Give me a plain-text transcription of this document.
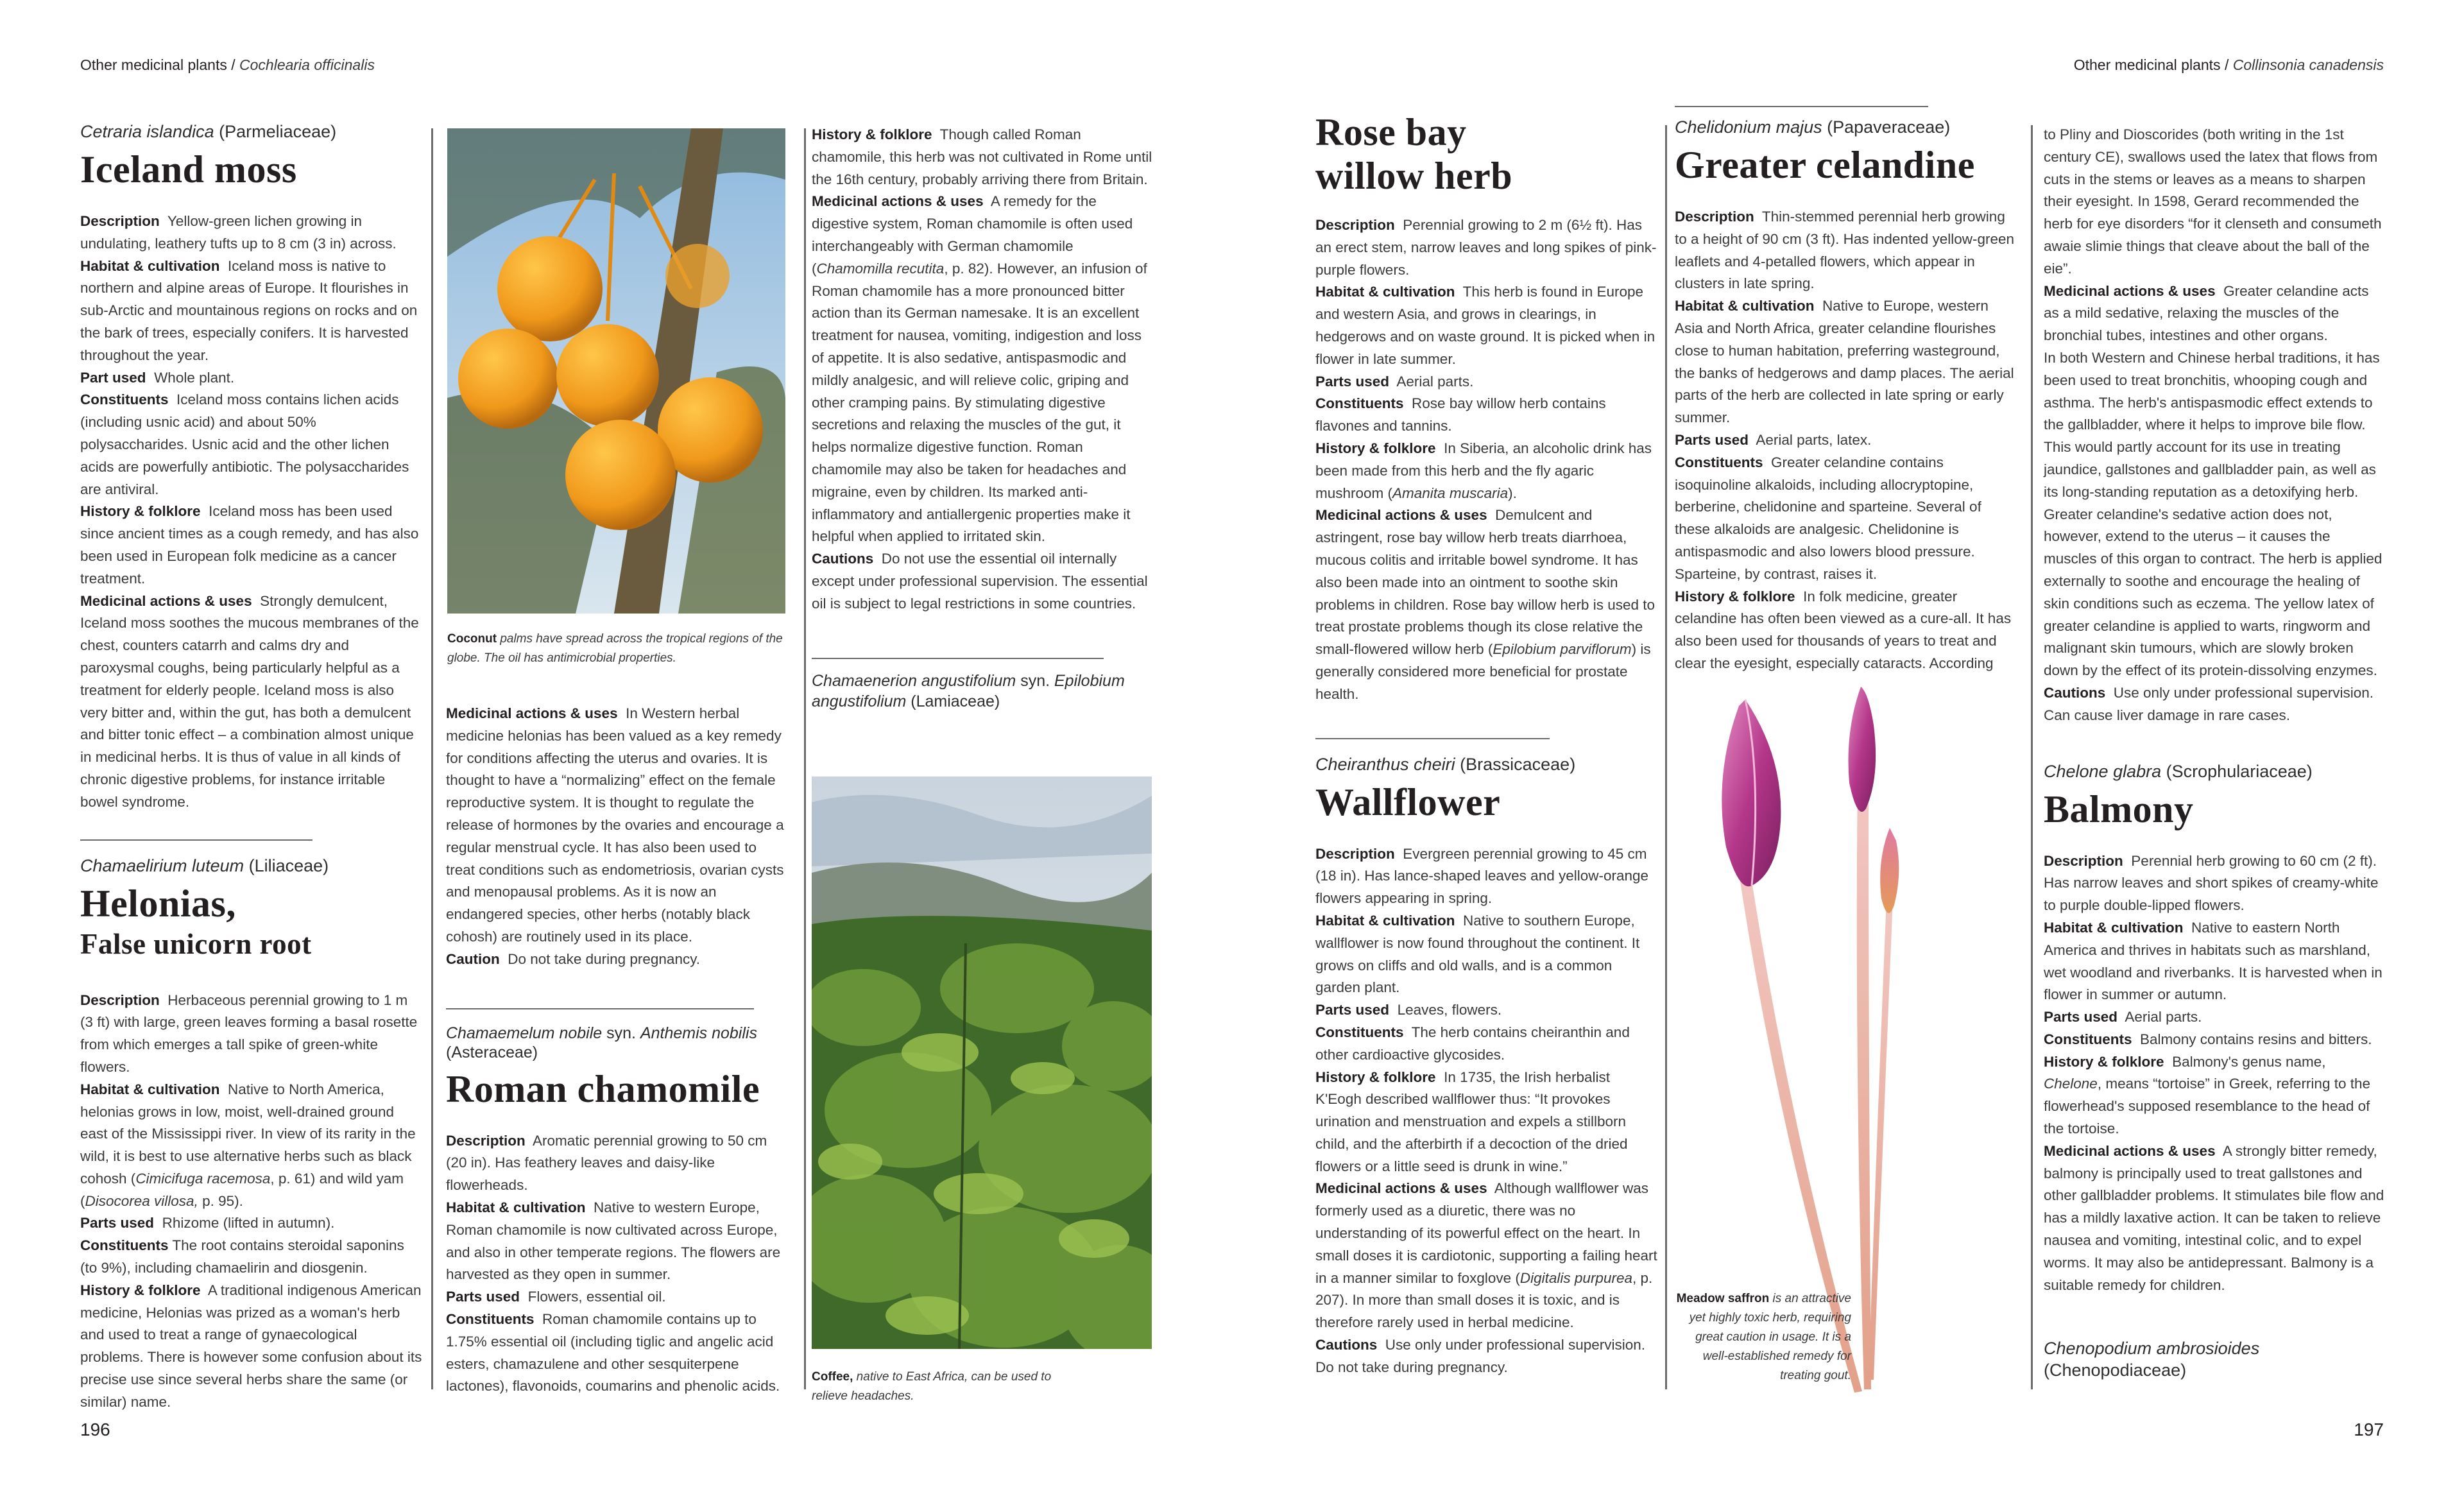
Other medicinal plants / Cochlearia officinalis

Cetraria islandica (Parmeliaceae)

Iceland moss

Description Yellow-green lichen growing in undulating, leathery tufts up to 8 cm (3 in) across.

Habitat & cultivation Iceland moss is native to northern and alpine areas of Europe. It flourishes in sub-Arctic and mountainous regions on rocks and on the bark of trees, especially conifers. It is harvested throughout the year.

Part used Whole plant.

Constituents Iceland moss contains lichen acids (including usnic acid) and about 50% polysaccharides. Usnic acid and the other lichen acids are powerfully antibiotic. The polysaccharides are antiviral.

History & folklore Iceland moss has been used since ancient times as a cough remedy, and has also been used in European folk medicine as a cancer treatment.

Medicinal actions & uses Strongly demulcent, Iceland moss soothes the mucous membranes of the chest, counters catarrh and calms dry and paroxysmal coughs, being particularly helpful as a treatment for elderly people. Iceland moss is also very bitter and, within the gut, has both a demulcent and bitter tonic effect – a combination almost unique in medicinal herbs. It is thus of value in all kinds of chronic digestive problems, for instance irritable bowel syndrome.

Chamaelirium luteum (Liliaceae)

Helonias,
False unicorn root

Description Herbaceous perennial growing to 1 m (3 ft) with large, green leaves forming a basal rosette from which emerges a tall spike of green-white flowers.

Habitat & cultivation Native to North America, helonias grows in low, moist, well-drained ground east of the Mississippi river. In view of its rarity in the wild, it is best to use alternative herbs such as black cohosh (Cimicifuga racemosa, p. 61) and wild yam (Disocorea villosa, p. 95).

Parts used Rhizome (lifted in autumn).

Constituents The root contains steroidal saponins (to 9%), including chamaelirin and diosgenin.

History & folklore A traditional indigenous American medicine, Helonias was prized as a woman's herb and used to treat a range of gynaecological problems. There is however some confusion about its precise use since several herbs share the same (or similar) name.

Coconut palms have spread across the tropical regions of the globe. The oil has antimicrobial properties.

Medicinal actions & uses In Western herbal medicine helonias has been valued as a key remedy for conditions affecting the uterus and ovaries. It is thought to have a “normalizing” effect on the female reproductive system. It is thought to regulate the release of hormones by the ovaries and encourage a regular menstrual cycle. It has also been used to treat conditions such as endometriosis, ovarian cysts and menopausal problems. As it is now an endangered species, other herbs (notably black cohosh) are routinely used in its place.

Caution Do not take during pregnancy.

Chamaemelum nobile syn. Anthemis nobilis
(Asteraceae)

Roman chamomile

Description Aromatic perennial growing to 50 cm (20 in). Has feathery leaves and daisy-like flowerheads.

Habitat & cultivation Native to western Europe, Roman chamomile is now cultivated across Europe, and also in other temperate regions. The flowers are harvested as they open in summer.

Parts used Flowers, essential oil.

Constituents Roman chamomile contains up to 1.75% essential oil (including tiglic and angelic acid esters, chamazulene and other sesquiterpene lactones), flavonoids, coumarins and phenolic acids.

History & folklore Though called Roman chamomile, this herb was not cultivated in Rome until the 16th century, probably arriving there from Britain.

Medicinal actions & uses A remedy for the digestive system, Roman chamomile is often used interchangeably with German chamomile (Chamomilla recutita, p. 82). However, an infusion of Roman chamomile has a more pronounced bitter action than its German namesake. It is an excellent treatment for nausea, vomiting, indigestion and loss of appetite. It is also sedative, antispasmodic and mildly analgesic, and will relieve colic, griping and other cramping pains. By stimulating digestive secretions and relaxing the muscles of the gut, it helps normalize digestive function. Roman chamomile may also be taken for headaches and migraine, even by children. Its marked anti-inflammatory and antiallergenic properties make it helpful when applied to irritated skin.

Cautions Do not use the essential oil internally except under professional supervision. The essential oil is subject to legal restrictions in some countries.

Chamaenerion angustifolium syn. Epilobium angustifolium (Lamiaceae)

Coffee, native to East Africa, can be used to relieve headaches.

196
Other medicinal plants / Collinsonia canadensis
Rose bay
willow herb

Description Perennial growing to 2 m (6½ ft). Has an erect stem, narrow leaves and long spikes of pink-purple flowers.

Habitat & cultivation This herb is found in Europe and western Asia, and grows in clearings, in hedgerows and on waste ground. It is picked when in flower in late summer.

Parts used Aerial parts.

Constituents Rose bay willow herb contains flavones and tannins.

History & folklore In Siberia, an alcoholic drink has been made from this herb and the fly agaric mushroom (Amanita muscaria).

Medicinal actions & uses Demulcent and astringent, rose bay willow herb treats diarrhoea, mucous colitis and irritable bowel syndrome. It has also been made into an ointment to soothe skin problems in children. Rose bay willow herb is used to treat prostate problems though its close relative the small-flowered willow herb (Epilobium parviflorum) is generally considered more beneficial for prostate health.

Cheiranthus cheiri (Brassicaceae)

Wallflower

Description Evergreen perennial growing to 45 cm (18 in). Has lance-shaped leaves and yellow-orange flowers appearing in spring.

Habitat & cultivation Native to southern Europe, wallflower is now found throughout the continent. It grows on cliffs and old walls, and is a common garden plant.

Parts used Leaves, flowers.

Constituents The herb contains cheiranthin and other cardioactive glycosides.

History & folklore In 1735, the Irish herbalist K'Eogh described wallflower thus: “It provokes urination and menstruation and expels a stillborn child, and the afterbirth if a decoction of the dried flowers or a little seed is drunk in wine.”

Medicinal actions & uses Although wallflower was formerly used as a diuretic, there was no understanding of its powerful effect on the heart. In small doses it is cardiotonic, supporting a failing heart in a manner similar to foxglove (Digitalis purpurea, p. 207). In more than small doses it is toxic, and is therefore rarely used in herbal medicine.

Cautions Use only under professional supervision. Do not take during pregnancy.

Chelidonium majus (Papaveraceae)

Greater celandine

Description Thin-stemmed perennial herb growing to a height of 90 cm (3 ft). Has indented yellow-green leaflets and 4-petalled flowers, which appear in clusters in late spring.

Habitat & cultivation Native to Europe, western Asia and North Africa, greater celandine flourishes close to human habitation, preferring wasteground, the banks of hedgerows and damp places. The aerial parts of the herb are collected in late spring or early summer.

Parts used Aerial parts, latex.

Constituents Greater celandine contains isoquinoline alkaloids, including allocryptopine, berberine, chelidonine and sparteine. Several of these alkaloids are analgesic. Chelidonine is antispasmodic and also lowers blood pressure. Sparteine, by contrast, raises it.

History & folklore In folk medicine, greater celandine has often been viewed as a cure-all. It has also been used for thousands of years to treat and clear the eyesight, especially cataracts. According

Meadow saffron is an attractive yet highly toxic herb, requiring great caution in usage. It is a well-established remedy for treating gout.

to Pliny and Dioscorides (both writing in the 1st century CE), swallows used the latex that flows from cuts in the stems or leaves as a means to sharpen their eyesight. In 1598, Gerard recommended the herb for eye disorders “for it clenseth and consumeth awaie slimie things that cleave about the ball of the eie”.

Medicinal actions & uses Greater celandine acts as a mild sedative, relaxing the muscles of the bronchial tubes, intestines and other organs.

In both Western and Chinese herbal traditions, it has been used to treat bronchitis, whooping cough and asthma. The herb's antispasmodic effect extends to the gallbladder, where it helps to improve bile flow. This would partly account for its use in treating jaundice, gallstones and gallbladder pain, as well as its long-standing reputation as a detoxifying herb. Greater celandine's sedative action does not, however, extend to the uterus – it causes the muscles of this organ to contract. The herb is applied externally to soothe and encourage the healing of skin conditions such as eczema. The yellow latex of greater celandine is applied to warts, ringworm and malignant skin tumours, which are slowly broken down by the effect of its protein-dissolving enzymes.

Cautions Use only under professional supervision. Can cause liver damage in rare cases.

Chelone glabra (Scrophulariaceae)

Balmony

Description Perennial herb growing to 60 cm (2 ft). Has narrow leaves and short spikes of creamy-white to purple double-lipped flowers.

Habitat & cultivation Native to eastern North America and thrives in habitats such as marshland, wet woodland and riverbanks. It is harvested when in flower in summer or autumn.

Parts used Aerial parts.

Constituents Balmony contains resins and bitters.

History & folklore Balmony's genus name, Chelone, means “tortoise” in Greek, referring to the flowerhead's supposed resemblance to the head of the tortoise.

Medicinal actions & uses A strongly bitter remedy, balmony is principally used to treat gallstones and other gallbladder problems. It stimulates bile flow and has a mildly laxative action. It can be taken to relieve nausea and vomiting, intestinal colic, and to expel worms. It may also be antidepressant. Balmony is a suitable remedy for children.

Chenopodium ambrosioides (Chenopodiaceae)

197
